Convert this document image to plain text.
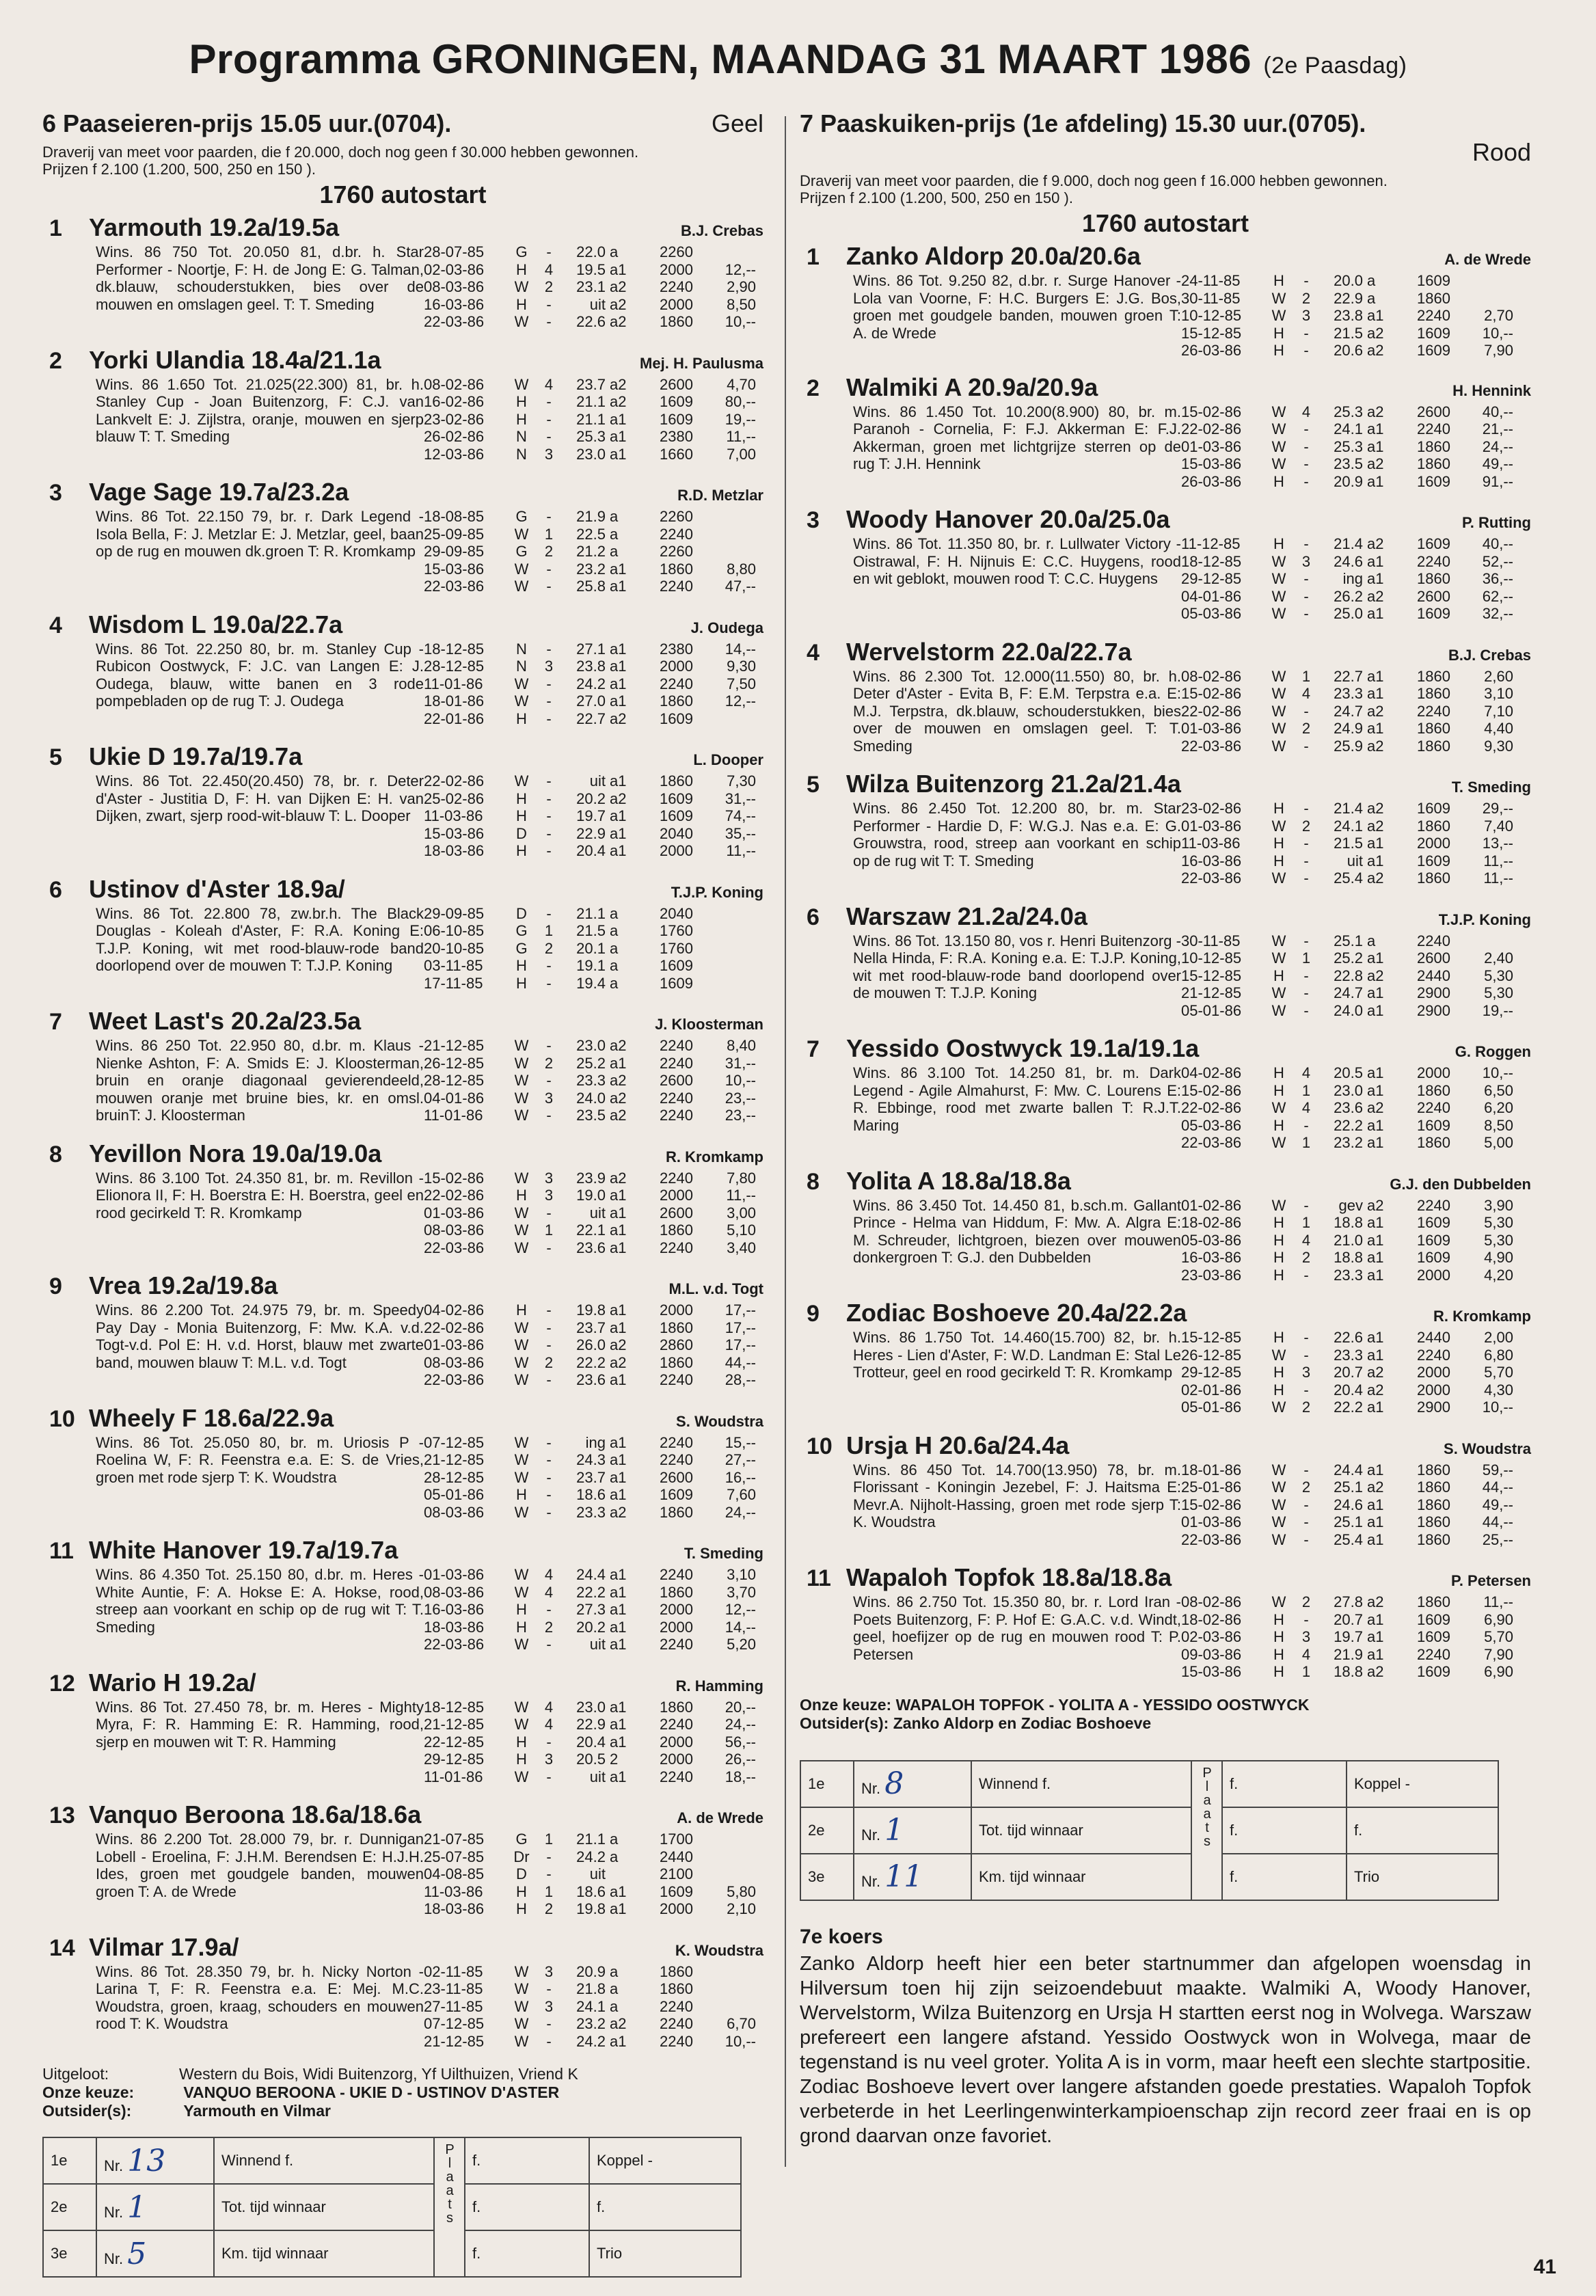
Programma GRONINGEN, MAANDAG 31 MAART 1986 (2e Paasdag)
6 Paaseieren-prijs 15.05 uur.(0704).	Geel
Draverij van meet voor paarden, die f 20.000, doch nog geen f 30.000 hebben gewonnen.
Prijzen f 2.100 (1.200, 500, 250 en 150 ).
1760 autostart
1	Yarmouth 19.2a/19.5a	B.J. Crebas
Wins. 86 750 Tot. 20.050 81, d.br. h. Star Performer - Noortje, F: H. de Jong E: G. Talman, dk.blauw, schouderstukken, bies over de mouwen en omslagen geel. T: T. Smeding
28-07-85	G	-	22.0 a	2260
02-03-86	H	4	19.5 a1	2000	12,--
08-03-86	W	2	23.1 a2	2240	2,90
16-03-86	H	-	uit a2	2000	8,50
22-03-86	W	-	22.6 a2	1860	10,--
2	Yorki Ulandia 18.4a/21.1a	Mej. H. Paulusma
Wins. 86 1.650 Tot. 21.025(22.300) 81, br. h. Stanley Cup - Joan Buitenzorg, F: C.J. van Lankvelt E: J. Zijlstra, oranje, mouwen en sjerp blauw T: T. Smeding
08-02-86	W	4	23.7 a2	2600	4,70
16-02-86	H	-	21.1 a2	1609	80,--
23-02-86	H	-	21.1 a1	1609	19,--
26-02-86	N	-	25.3 a1	2380	11,--
12-03-86	N	3	23.0 a1	1660	7,00
3	Vage Sage 19.7a/23.2a	R.D. Metzlar
Wins. 86 Tot. 22.150 79, br. r. Dark Legend - Isola Bella, F: J. Metzlar E: J. Metzlar, geel, baan op de rug en mouwen dk.groen T: R. Kromkamp
18-08-85	G	-	21.9 a	2260
25-09-85	W	1	22.5 a	2240
29-09-85	G	2	21.2 a	2260
15-03-86	W	-	23.2 a1	1860	8,80
22-03-86	W	-	25.8 a1	2240	47,--
4	Wisdom L 19.0a/22.7a	J. Oudega
Wins. 86 Tot. 22.250 80, br. m. Stanley Cup - Rubicon Oostwyck, F: J.C. van Langen E: J. Oudega, blauw, witte banen en 3 rode pompebladen op de rug T: J. Oudega
18-12-85	N	-	27.1 a1	2380	14,--
28-12-85	N	3	23.8 a1	2000	9,30
11-01-86	W	-	24.2 a1	2240	7,50
18-01-86	W	-	27.0 a1	1860	12,--
22-01-86	H	-	22.7 a2	1609
5	Ukie D 19.7a/19.7a	L. Dooper
Wins. 86 Tot. 22.450(20.450) 78, br. r. Deter d'Aster - Justitia D, F: H. van Dijken E: H. van Dijken, zwart, sjerp rood-wit-blauw T: L. Dooper
22-02-86	W	-	uit a1	1860	7,30
25-02-86	H	-	20.2 a2	1609	31,--
11-03-86	H	-	19.7 a1	1609	74,--
15-03-86	D	-	22.9 a1	2040	35,--
18-03-86	H	-	20.4 a1	2000	11,--
6	Ustinov d'Aster 18.9a/	T.J.P. Koning
Wins. 86 Tot. 22.800 78, zw.br.h. The Black Douglas - Koleah d'Aster, F: R.A. Koning E: T.J.P. Koning, wit met rood-blauw-rode band doorlopend over de mouwen T: T.J.P. Koning
29-09-85	D	-	21.1 a	2040
06-10-85	G	1	21.5 a	1760
20-10-85	G	2	20.1 a	1760
03-11-85	H	-	19.1 a	1609
17-11-85	H	-	19.4 a	1609
7	Weet Last's 20.2a/23.5a	J. Kloosterman
Wins. 86 250 Tot. 22.950 80, d.br. m. Klaus - Nienke Ashton, F: A. Smids E: J. Kloosterman, bruin en oranje diagonaal gevierendeeld, mouwen oranje met bruine bies, kr. en omsl. bruinT: J. Kloosterman
21-12-85	W	-	23.0 a2	2240	8,40
26-12-85	W	2	25.2 a1	2240	31,--
28-12-85	W	-	23.3 a2	2600	10,--
04-01-86	W	3	24.0 a2	2240	23,--
11-01-86	W	-	23.5 a2	2240	23,--
8	Yevillon Nora 19.0a/19.0a	R. Kromkamp
Wins. 86 3.100 Tot. 24.350 81, br. m. Revillon - Elionora II, F: H. Boerstra E: H. Boerstra, geel en rood gecirkeld T: R. Kromkamp
15-02-86	W	3	23.9 a2	2240	7,80
22-02-86	H	3	19.0 a1	2000	11,--
01-03-86	W	-	uit a1	2600	3,00
08-03-86	W	1	22.1 a1	1860	5,10
22-03-86	W	-	23.6 a1	2240	3,40
9	Vrea 19.2a/19.8a	M.L. v.d. Togt
Wins. 86 2.200 Tot. 24.975 79, br. m. Speedy Pay Day - Monia Buitenzorg, F: Mw. K.A. v.d. Togt-v.d. Pol E: H. v.d. Horst, blauw met zwarte band, mouwen blauw T: M.L. v.d. Togt
04-02-86	H	-	19.8 a1	2000	17,--
22-02-86	W	-	23.7 a1	1860	17,--
01-03-86	W	-	26.0 a2	2860	17,--
08-03-86	W	2	22.2 a2	1860	44,--
22-03-86	W	-	23.6 a1	2240	28,--
10 Wheely F 18.6a/22.9a	S. Woudstra
Wins. 86 Tot. 25.050 80, br. m. Uriosis P - Roelina W, F: R. Feenstra e.a. E: S. de Vries, groen met rode sjerp T: K. Woudstra
07-12-85	W	-	ing a1	2240	15,--
21-12-85	W	-	24.3 a1	2240	27,--
28-12-85	W	-	23.7 a1	2600	16,--
05-01-86	H	-	18.6 a1	1609	7,60
08-03-86	W	-	23.3 a2	1860	24,--
11 White Hanover 19.7a/19.7a	T. Smeding
Wins. 86 4.350 Tot. 25.150 80, d.br. m. Heres - White Auntie, F: A. Hokse E: A. Hokse, rood, streep aan voorkant en schip op de rug wit T: T. Smeding
01-03-86	W	4	24.4 a1	2240	3,10
08-03-86	W	4	22.2 a1	1860	3,70
16-03-86	H	-	27.3 a1	2000	12,--
18-03-86	H	2	20.2 a1	2000	14,--
22-03-86	W	-	uit a1	2240	5,20
12 Wario H 19.2a/	R. Hamming
Wins. 86 Tot. 27.450 78, br. m. Heres - Mighty Myra, F: R. Hamming E: R. Hamming, rood, sjerp en mouwen wit T: R. Hamming
18-12-85	W	4	23.0 a1	1860	20,--
21-12-85	W	4	22.9 a1	2240	24,--
22-12-85	H	-	20.4 a1	2000	56,--
29-12-85	H	3	20.5 2	2000	26,--
11-01-86	W	-	uit a1	2240	18,--
13 Vanquo Beroona 18.6a/18.6a	A. de Wrede
Wins. 86 2.200 Tot. 28.000 79, br. r. Dunnigan Lobell - Eroelina, F: J.H.M. Berendsen E: H.J.H. Ides, groen met goudgele banden, mouwen groen T: A. de Wrede
21-07-85	G	1	21.1 a	1700
25-07-85	Dr	-	24.2 a	2440
04-08-85	D	-	uit	2100
11-03-86	H	1	18.6 a1	1609	5,80
18-03-86	H	2	19.8 a1	2000	2,10
14 Vilmar 17.9a/	K. Woudstra
Wins. 86 Tot. 28.350 79, br. h. Nicky Norton - Larina T, F: R. Feenstra e.a. E: Mej. M.C. Woudstra, groen, kraag, schouders en mouwen rood T: K. Woudstra
02-11-85	W	3	20.9 a	1860
23-11-85	W	-	21.8 a	1860
27-11-85	W	3	24.1 a	2240
07-12-85	W	-	23.2 a2	2240	6,70
21-12-85	W	-	24.2 a1	2240	10,--
Uitgeloot:	Western du Bois, Widi Buitenzorg, Yf Uilthuizen, Vriend K
Onze keuze:	VANQUO BEROONA - UKIE D - USTINOV D'ASTER
Outsider(s):	Yarmouth en Vilmar
1e	Nr. 13	Winnend f.	Plaats	f.	Koppel -
2e	Nr. 1	Tot. tijd winnaar		f.	f.
3e	Nr. 5	Km. tijd winnaar		f.	Trio
7 Paaskuiken-prijs (1e afdeling) 15.30 uur.(0705).
Rood
Draverij van meet voor paarden, die f 9.000, doch nog geen f 16.000 hebben gewonnen.
Prijzen f 2.100 (1.200, 500, 250 en 150 ).
1760 autostart
1	Zanko Aldorp 20.0a/20.6a	A. de Wrede
Wins. 86 Tot. 9.250 82, d.br. r. Surge Hanover - Lola van Voorne, F: H.C. Burgers E: J.G. Bos, groen met goudgele banden, mouwen groen T: A. de Wrede
24-11-85	H	-	20.0 a	1609
30-11-85	W	2	22.9 a	1860
10-12-85	W	3	23.8 a1	2240	2,70
15-12-85	H	-	21.5 a2	1609	10,--
26-03-86	H	-	20.6 a2	1609	7,90
2	Walmiki A 20.9a/20.9a	H. Hennink
Wins. 86 1.450 Tot. 10.200(8.900) 80, br. m. Paranoh - Cornelia, F: F.J. Akkerman E: F.J. Akkerman, groen met lichtgrijze sterren op de rug T: J.H. Hennink
15-02-86	W	4	25.3 a2	2600	40,--
22-02-86	W	-	24.1 a1	2240	21,--
01-03-86	W	-	25.3 a1	1860	24,--
15-03-86	W	-	23.5 a2	1860	49,--
26-03-86	H	-	20.9 a1	1609	91,--
3	Woody Hanover 20.0a/25.0a	P. Rutting
Wins. 86 Tot. 11.350 80, br. r. Lullwater Victory - Oistrawal, F: H. Nijnuis E: C.C. Huygens, rood en wit geblokt, mouwen rood T: C.C. Huygens
11-12-85	H	-	21.4 a2	1609	40,--
18-12-85	W	3	24.6 a1	2240	52,--
29-12-85	W	-	ing a1	1860	36,--
04-01-86	W	-	26.2 a2	2600	62,--
05-03-86	W	-	25.0 a1	1609	32,--
4	Wervelstorm 22.0a/22.7a	B.J. Crebas
Wins. 86 2.300 Tot. 12.000(11.550) 80, br. h. Deter d'Aster - Evita B, F: E.M. Terpstra e.a. E: M.J. Terpstra, dk.blauw, schouderstukken, bies over de mouwen en omslagen geel. T: T. Smeding
08-02-86	W	1	22.7 a1	1860	2,60
15-02-86	W	4	23.3 a1	1860	3,10
22-02-86	W	-	24.7 a2	2240	7,10
01-03-86	W	2	24.9 a1	1860	4,40
22-03-86	W	-	25.9 a2	1860	9,30
5	Wilza Buitenzorg 21.2a/21.4a	T. Smeding
Wins. 86 2.450 Tot. 12.200 80, br. m. Star Performer - Hardie D, F: W.G.J. Nas e.a. E: G. Grouwstra, rood, streep aan voorkant en schip op de rug wit T: T. Smeding
23-02-86	H	-	21.4 a2	1609	29,--
01-03-86	W	2	24.1 a2	1860	7,40
11-03-86	H	-	21.5 a1	2000	13,--
16-03-86	H	-	uit a1	1609	11,--
22-03-86	W	-	25.4 a2	1860	11,--
6	Warszaw 21.2a/24.0a	T.J.P. Koning
Wins. 86 Tot. 13.150 80, vos r. Henri Buitenzorg - Nella Hinda, F: R.A. Koning e.a. E: T.J.P. Koning, wit met rood-blauw-rode band doorlopend over de mouwen T: T.J.P. Koning
30-11-85	W	-	25.1 a	2240
10-12-85	W	1	25.2 a1	2600	2,40
15-12-85	H	-	22.8 a2	2440	5,30
21-12-85	W	-	24.7 a1	2900	5,30
05-01-86	W	-	24.0 a1	2900	19,--
7	Yessido Oostwyck 19.1a/19.1a	G. Roggen
Wins. 86 3.100 Tot. 14.250 81, br. m. Dark Legend - Agile Almahurst, F: Mw. C. Lourens E: R. Ebbinge, rood met zwarte ballen T: R.J.T. Maring
04-02-86	H	4	20.5 a1	2000	10,--
15-02-86	H	1	23.0 a1	1860	6,50
22-02-86	W	4	23.6 a2	2240	6,20
05-03-86	H	-	22.2 a1	1609	8,50
22-03-86	W	1	23.2 a1	1860	5,00
8	Yolita A 18.8a/18.8a	G.J. den Dubbelden
Wins. 86 3.450 Tot. 14.450 81, b.sch.m. Gallant Prince - Helma van Hiddum, F: Mw. A. Algra E: M. Schreuder, lichtgroen, biezen over mouwen donkergroen T: G.J. den Dubbelden
01-02-86	W	-	gev a2	2240	3,90
18-02-86	H	1	18.8 a1	1609	5,30
05-03-86	H	4	21.0 a1	1609	5,30
16-03-86	H	2	18.8 a1	1609	4,90
23-03-86	H	-	23.3 a1	2000	4,20
9	Zodiac Boshoeve 20.4a/22.2a	R. Kromkamp
Wins. 86 1.750 Tot. 14.460(15.700) 82, br. h. Heres - Lien d'Aster, F: W.D. Landman E: Stal Le Trotteur, geel en rood gecirkeld T: R. Kromkamp
15-12-85	H	-	22.6 a1	2440	2,00
26-12-85	W	-	23.3 a1	2240	6,80
29-12-85	H	3	20.7 a2	2000	5,70
02-01-86	H	-	20.4 a2	2000	4,30
05-01-86	W	2	22.2 a1	2900	10,--
10 Ursja H 20.6a/24.4a	S. Woudstra
Wins. 86 450 Tot. 14.700(13.950) 78, br. m. Florissant - Koningin Jezebel, F: J. Haitsma E: Mevr.A. Nijholt-Hassing, groen met rode sjerp T: K. Woudstra
18-01-86	W	-	24.4 a1	1860	59,--
25-01-86	W	2	25.1 a2	1860	44,--
15-02-86	W	-	24.6 a1	1860	49,--
01-03-86	W	-	25.1 a1	1860	44,--
22-03-86	W	-	25.4 a1	1860	25,--
11 Wapaloh Topfok 18.8a/18.8a	P. Petersen
Wins. 86 2.750 Tot. 15.350 80, br. r. Lord Iran - Poets Buitenzorg, F: P. Hof E: G.A.C. v.d. Windt, geel, hoefijzer op de rug en mouwen rood T: P. Petersen
08-02-86	W	2	27.8 a2	1860	11,--
18-02-86	H	-	20.7 a1	1609	6,90
02-03-86	H	3	19.7 a1	1609	5,70
09-03-86	H	4	21.9 a1	2240	7,90
15-03-86	H	1	18.8 a2	1609	6,90
Onze keuze: WAPALOH TOPFOK - YOLITA A - YESSIDO OOSTWYCK
Outsider(s): Zanko Aldorp en Zodiac Boshoeve
1e	Nr. 8	Winnend f.	Plaats	f.	Koppel -
2e	Nr. 1	Tot. tijd winnaar		f.	f.
3e	Nr. 11	Km. tijd winnaar		f.	Trio
7e koers
Zanko Aldorp heeft hier een beter startnummer dan afgelopen woensdag in Hilversum toen hij zijn seizoendebuut maakte. Walmiki A, Woody Hanover, Wervelstorm, Wilza Buitenzorg en Ursja H startten eerst nog in Wolvega. Warszaw prefereert een langere afstand. Yessido Oostwyck won in Wolvega, maar de tegenstand is nu veel groter. Yolita A is in vorm, maar heeft een slechte startpositie. Zodiac Boshoeve levert over langere afstanden goede prestaties. Wapaloh Topfok verbeterde in het Leerlingenwinterkampioenschap zijn record zeer fraai en is op grond daarvan onze favoriet.
41
